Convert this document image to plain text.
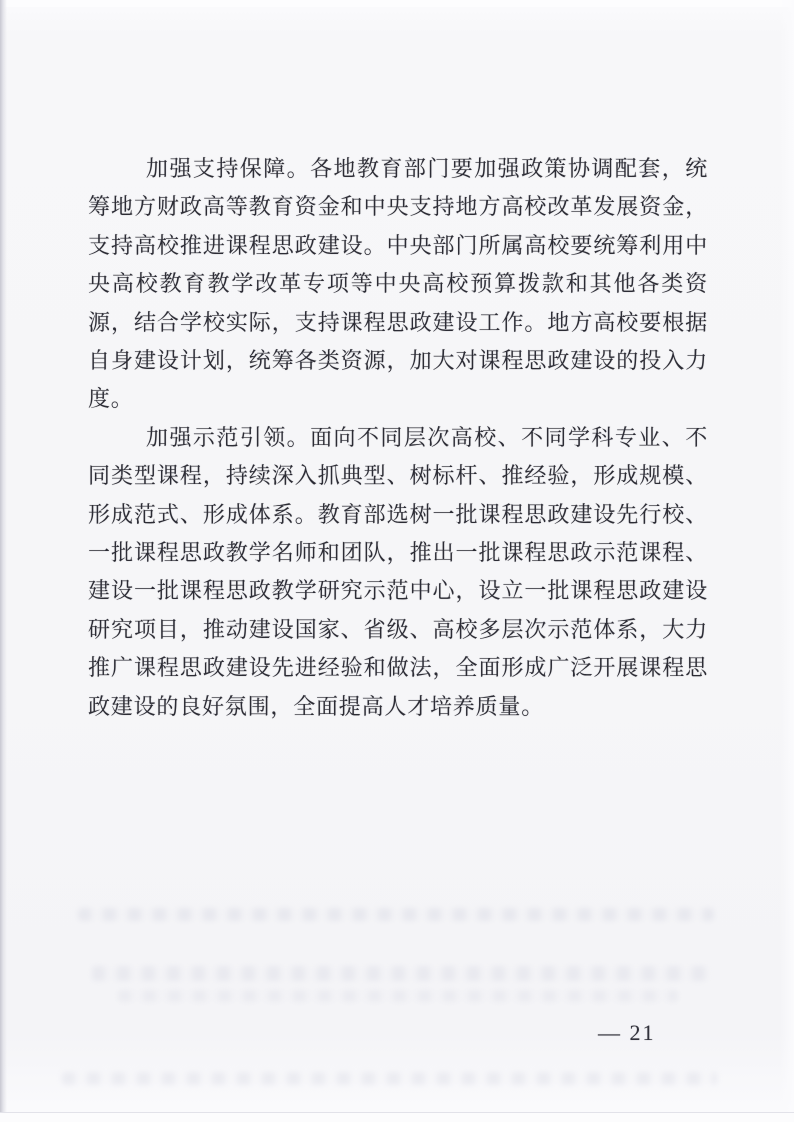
加强支持保障。各地教育部门要加强政策协调配套，统筹地方财政高等教育资金和中央支持地方高校改革发展资金，支持高校推进课程思政建设。中央部门所属高校要统筹利用中央高校教育教学改革专项等中央高校预算拨款和其他各类资源，结合学校实际，支持课程思政建设工作。地方高校要根据自身建设计划，统筹各类资源，加大对课程思政建设的投入力度。

加强示范引领。面向不同层次高校、不同学科专业、不同类型课程，持续深入抓典型、树标杆、推经验，形成规模、形成范式、形成体系。教育部选树一批课程思政建设先行校、一批课程思政教学名师和团队，推出一批课程思政示范课程、建设一批课程思政教学研究示范中心，设立一批课程思政建设研究项目，推动建设国家、省级、高校多层次示范体系，大力推广课程思政建设先进经验和做法，全面形成广泛开展课程思政建设的良好氛围，全面提高人才培养质量。

— 21
